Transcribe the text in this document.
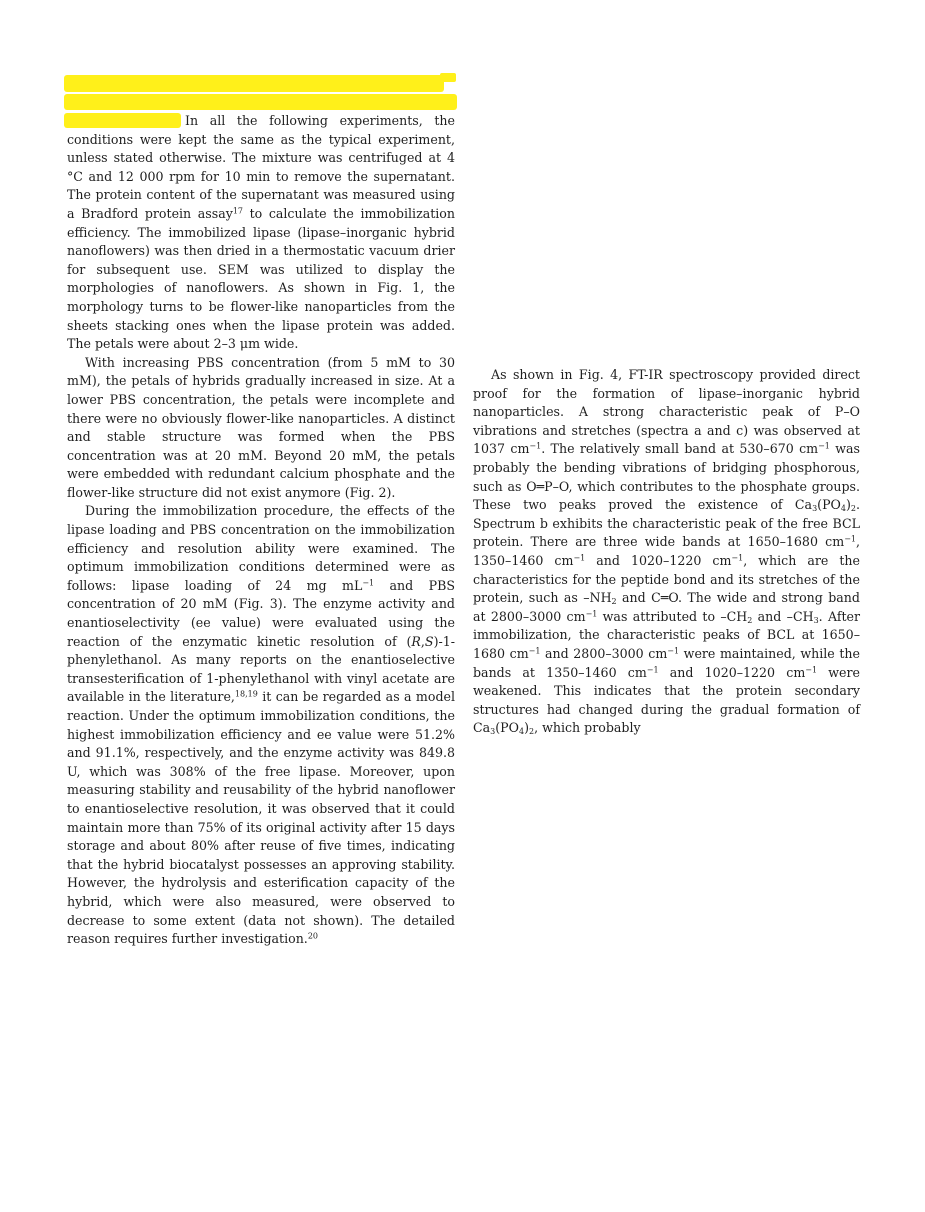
In all the following experiments, the conditions were kept the same as the typical experiment, unless stated otherwise. The mixture was centrifuged at 4 °C and 12 000 rpm for 10 min to remove the supernatant. The protein content of the supernatant was measured using a Bradford protein assay$^{17}$ to calculate the immobilization efficiency. The immobilized lipase (lipase–inorganic hybrid nanoflowers) was then dried in a thermostatic vacuum drier for subsequent use. SEM was utilized to display the morphologies of nanoflowers. As shown in Fig. 1, the morphology turns to be flower-like nanoparticles from the sheets stacking ones when the lipase protein was added. The petals were about 2–3 μm wide.

With increasing PBS concentration (from 5 mM to 30 mM), the petals of hybrids gradually increased in size. At a lower PBS concentration, the petals were incomplete and there were no obviously flower-like nanoparticles. A distinct and stable structure was formed when the PBS concentration was at 20 mM. Beyond 20 mM, the petals were embedded with redundant calcium phosphate and the flower-like structure did not exist anymore (Fig. 2).

During the immobilization procedure, the effects of the lipase loading and PBS concentration on the immobilization efficiency and resolution ability were examined. The optimum immobilization conditions determined were as follows: lipase loading of 24 mg $mL^{-1}$ and PBS concentration of 20 mM (Fig. 3). The enzyme activity and enantioselectivity (ee value) were evaluated using the reaction of the enzymatic kinetic resolution of (R,S)-1-phenylethanol. As many reports on the enantioselective transesterification of 1-phenylethanol with vinyl acetate are available in the literature,$^{18,19}$ it can be regarded as a model reaction. Under the optimum immobilization conditions, the highest immobilization efficiency and ee value were 51.2% and 91.1%, respectively, and the enzyme activity was 849.8 U, which was 308% of the free lipase. Moreover, upon measuring stability and reusability of the hybrid nanoflower to enantioselective resolution, it was observed that it could maintain more than 75% of its original activity after 15 days storage and about 80% after reuse of five times, indicating that the hybrid biocatalyst possesses an approving stability. However, the hydrolysis and esterification capacity of the hybrid, which were also measured, were observed to decrease to some extent (data not shown). The detailed reason requires further investigation.$^{20}$

As shown in Fig. 4, FT-IR spectroscopy provided direct proof for the formation of lipase–inorganic hybrid nanoparticles. A strong characteristic peak of P–O vibrations and stretches (spectra a and c) was observed at 1037 $cm^{-1}$. The relatively small band at 530–670 $cm^{-1}$ was probably the bending vibrations of bridging phosphorous, such as O═P–O, which contributes to the phosphate groups. These two peaks proved the existence of $Ca_3(PO_4)_2$. Spectrum b exhibits the characteristic peak of the free BCL protein. There are three wide bands at 1650–1680 $cm^{-1}$, 1350–1460 $cm^{-1}$ and 1020–1220 $cm^{-1}$, which are the characteristics for the peptide bond and its stretches of the protein, such as $-NH_2$ and C═O. The wide and strong band at 2800–3000 $cm^{-1}$ was attributed to $-CH_2$ and $-CH_3$. After immobilization, the characteristic peaks of BCL at 1650–1680 $cm^{-1}$ and 2800–3000 $cm^{-1}$ were maintained, while the bands at 1350–1460 $cm^{-1}$ and 1020–1220 $cm^{-1}$ were weakened. This indicates that the protein secondary structures had changed during the gradual formation of $Ca_3(PO_4)_2$, which probably
